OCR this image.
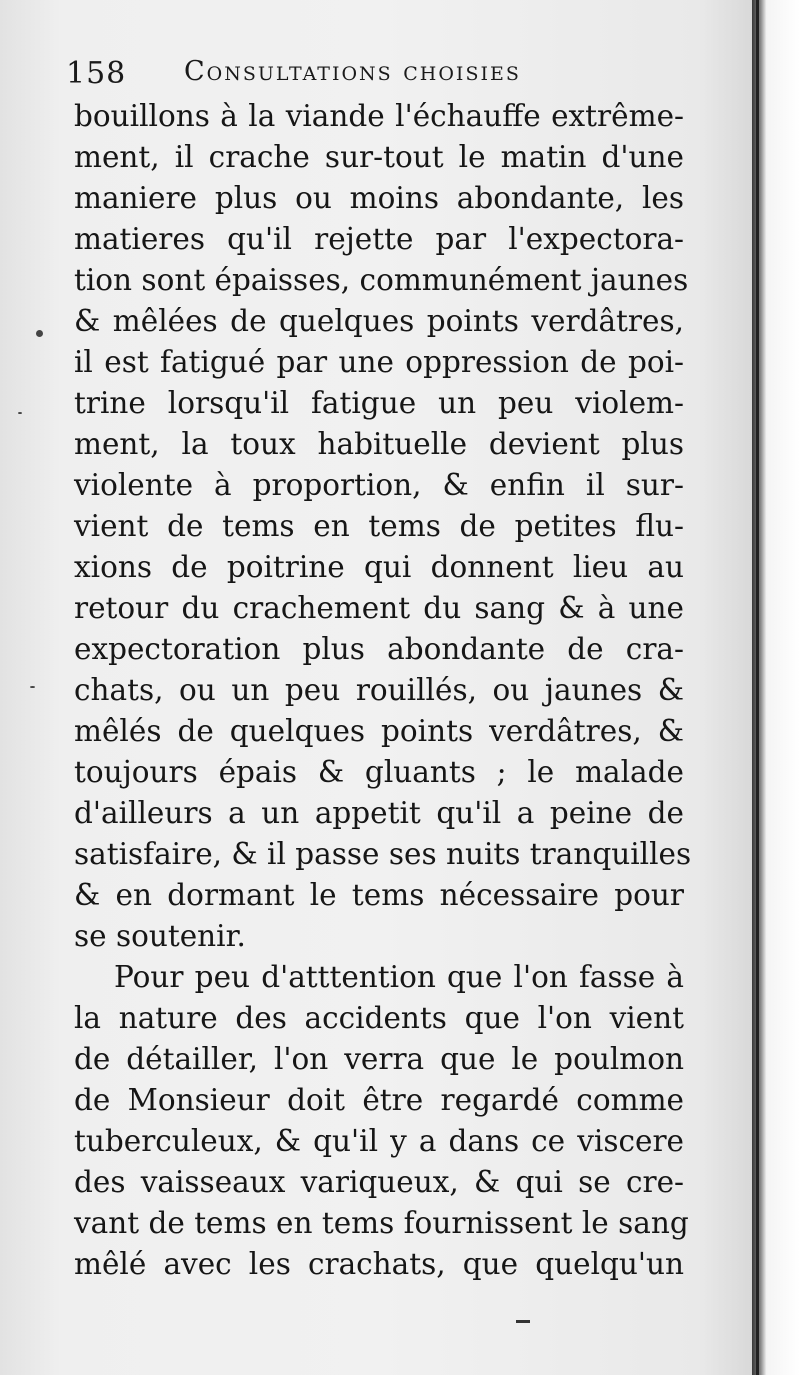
158 Consultations choisies
bouillons à la viande l'échauffe extrême-
ment, il crache sur-tout le matin d'une
maniere plus ou moins abondante, les
matieres qu'il rejette par l'expectora-
tion sont épaisses, communément jaunes
& mêlées de quelques points verdâtres,
il est fatigué par une oppression de poi-
trine lorsqu'il fatigue un peu violem-
ment, la toux habituelle devient plus
violente à proportion, & enfin il sur-
vient de tems en tems de petites flu-
xions de poitrine qui donnent lieu au
retour du crachement du sang & à une
expectoration plus abondante de cra-
chats, ou un peu rouillés, ou jaunes &
mêlés de quelques points verdâtres, &
toujours épais & gluants ; le malade
d'ailleurs a un appetit qu'il a peine de
satisfaire, & il passe ses nuits tranquilles
& en dormant le tems nécessaire pour
se soutenir.
Pour peu d'atttention que l'on fasse à
la nature des accidents que l'on vient
de détailler, l'on verra que le poulmon
de Monsieur doit être regardé comme
tuberculeux, & qu'il y a dans ce viscere
des vaisseaux variqueux, & qui se cre-
vant de tems en tems fournissent le sang
mêlé avec les crachats, que quelqu'un
